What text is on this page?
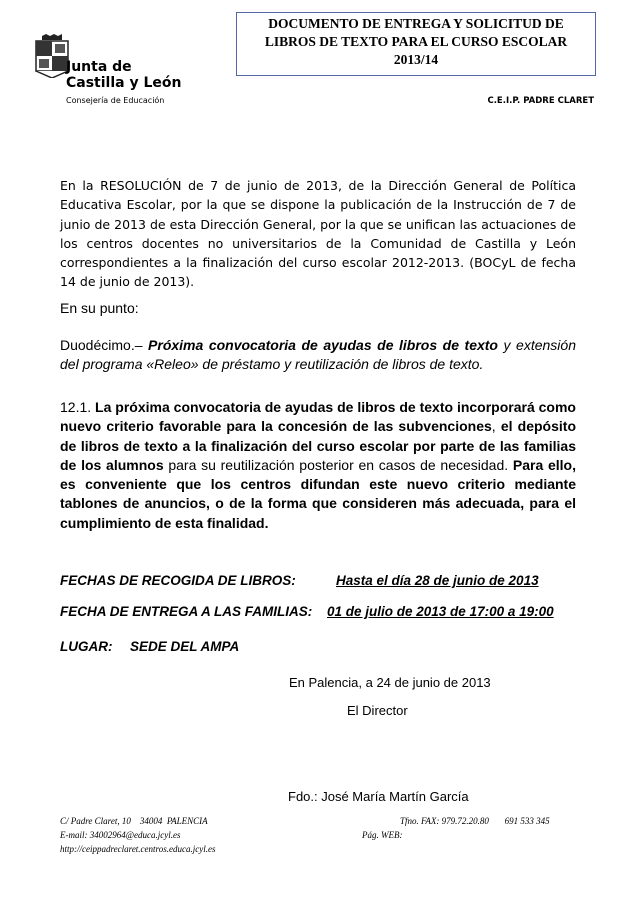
Junta de
Castilla y León
Consejería de Educación
DOCUMENTO DE ENTREGA Y SOLICITUD DE
LIBROS DE TEXTO PARA EL CURSO ESCOLAR
2013/14
C.E.I.P. PADRE CLARET
En la RESOLUCIÓN de 7 de junio de 2013, de la Dirección General de Política Educativa Escolar, por la que se dispone la publicación de la Instrucción de 7 de junio de 2013 de esta Dirección General, por la que se unifican las actuaciones de los centros docentes no universitarios de la Comunidad de Castilla y León correspondientes a la finalización del curso escolar 2012-2013. (BOCyL de fecha 14 de junio de 2013).
En su punto:
Duodécimo.– Próxima convocatoria de ayudas de libros de texto y extensión del programa «Releo» de préstamo y reutilización de libros de texto.
12.1. La próxima convocatoria de ayudas de libros de texto incorporará como nuevo criterio favorable para la concesión de las subvenciones, el depósito de libros de texto a la finalización del curso escolar por parte de las familias de los alumnos para su reutilización posterior en casos de necesidad. Para ello, es conveniente que los centros difundan este nuevo criterio mediante tablones de anuncios, o de la forma que consideren más adecuada, para el cumplimiento de esta finalidad.
FECHAS DE RECOGIDA DE LIBROS:	Hasta el día 28 de junio de 2013
FECHA DE ENTREGA A LAS FAMILIAS: 01 de julio de 2013 de 17:00 a 19:00
LUGAR: SEDE DEL AMPA
En Palencia, a 24 de junio de 2013
El Director
Fdo.: José María Martín García
C/ Padre Claret, 10    34004  PALENCIA	Tfno. FAX: 979.72.20.80       691 533 345
E-mail: 34002964@educa.jcyl.es	Pág. WEB:
http://ceippadreclaret.centros.educa.jcyl.es
